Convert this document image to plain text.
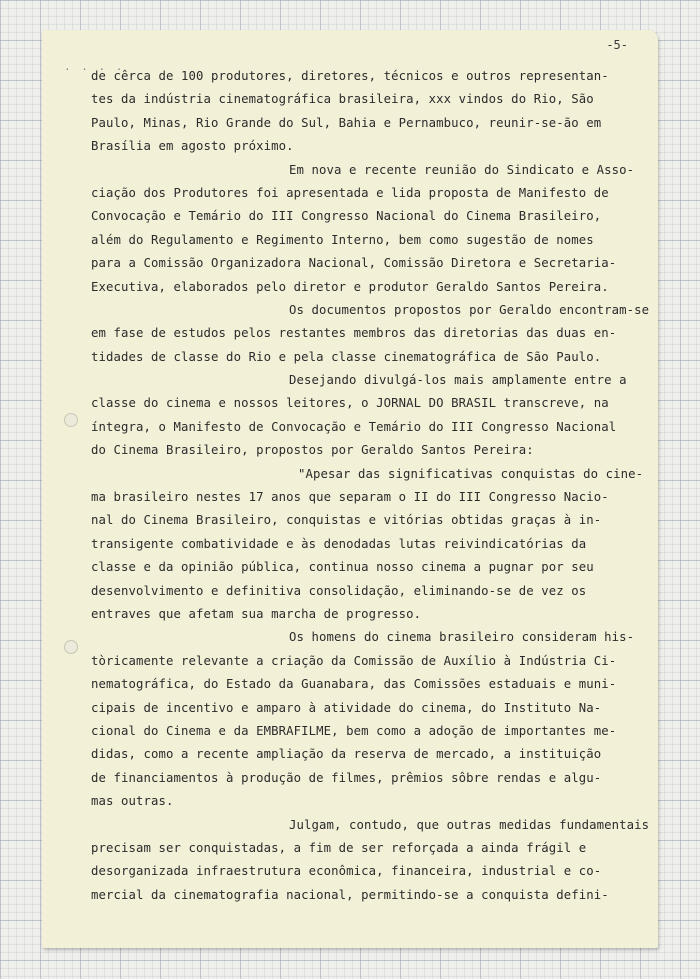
. . . .
-5-
de cêrca de 100 produtores, diretores, técnicos e outros representan-
tes da indústria cinematográfica brasileira, xxx vindos do Rio, São
Paulo, Minas, Rio Grande do Sul, Bahia e Pernambuco, reunir-se-ão em
Brasília em agosto próximo.
Em nova e recente reunião do Sindicato e Asso-
ciação dos Produtores foi apresentada e lida proposta de Manifesto de
Convocação e Temário do III Congresso Nacional do Cinema Brasileiro,
além do Regulamento e Regimento Interno, bem como sugestão de nomes
para a Comissão Organizadora Nacional, Comissão Diretora e Secretaria-
Executiva, elaborados pelo diretor e produtor Geraldo Santos Pereira.
Os documentos propostos por Geraldo encontram-se
em fase de estudos pelos restantes membros das diretorias das duas en-
tidades de classe do Rio e pela classe cinematográfica de São Paulo.
Desejando divulgá-los mais amplamente entre a
classe do cinema e nossos leitores, o JORNAL DO BRASIL transcreve, na
íntegra, o Manifesto de Convocação e Temário do III Congresso Nacional
do Cinema Brasileiro, propostos por Geraldo Santos Pereira:
"Apesar das significativas conquistas do cine-
ma brasileiro nestes 17 anos que separam o II do III Congresso Nacio-
nal do Cinema Brasileiro, conquistas e vitórias obtidas graças à in-
transigente combatividade e às denodadas lutas reivindicatórias da
classe e da opinião pública, continua nosso cinema a pugnar por seu
desenvolvimento e definitiva consolidação, eliminando-se de vez os
entraves que afetam sua marcha de progresso.
Os homens do cinema brasileiro consideram his-
tòricamente relevante a criação da Comissão de Auxílio à Indústria Ci-
nematográfica, do Estado da Guanabara, das Comissões estaduais e muni-
cipais de incentivo e amparo à atividade do cinema, do Instituto Na-
cional do Cinema e da EMBRAFILME, bem como a adoção de importantes me-
didas, como a recente ampliação da reserva de mercado, a instituição
de financiamentos à produção de filmes, prêmios sôbre rendas e algu-
mas outras.
Julgam, contudo, que outras medidas fundamentais
precisam ser conquistadas, a fim de ser reforçada a ainda frágil e
desorganizada infraestrutura econômica, financeira, industrial e co-
mercial da cinematografia nacional, permitindo-se a conquista defini-
